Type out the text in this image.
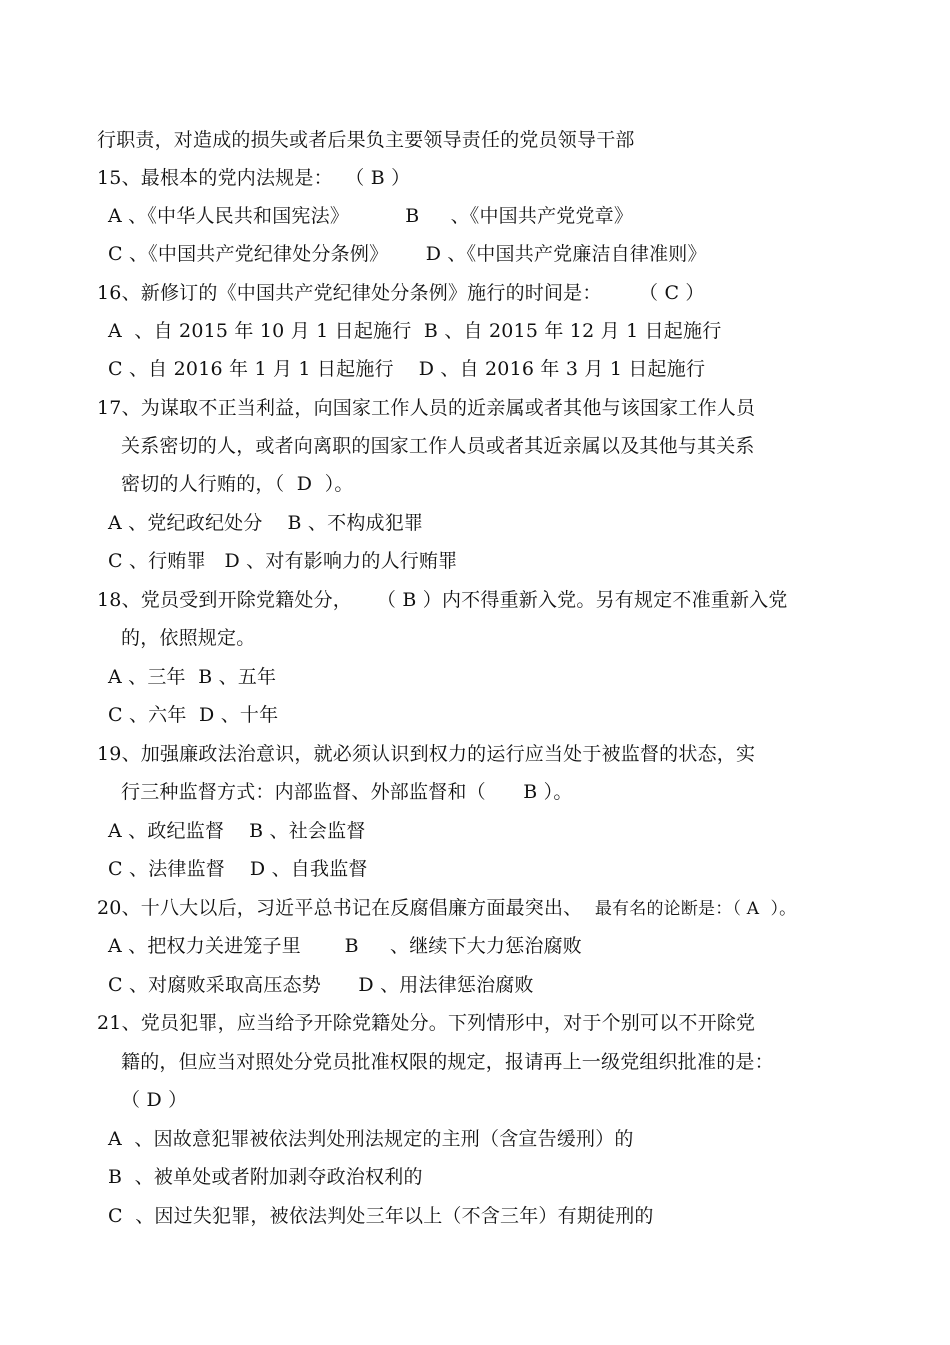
行职责，对造成的损失或者后果负主要领导责任的党员领导干部
15、最根本的党内法规是：  （ B ）
A 、《中华人民共和国宪法》         B     、《中国共产党党章》
C 、《中国共产党纪律处分条例》      D 、《中国共产党廉洁自律准则》
16、新修订的《中国共产党纪律处分条例》施行的时间是：      （ C ）
A  、自 2015 年 10 月 1 日起施行  B 、自 2015 年 12 月 1 日起施行
C 、自 2016 年 1 月 1 日起施行    D 、自 2016 年 3 月 1 日起施行
17、为谋取不正当利益，向国家工作人员的近亲属或者其他与该国家工作人员
关系密切的人，或者向离职的国家工作人员或者其近亲属以及其他与其关系
密切的人行贿的，（  D  ）。
A 、党纪政纪处分    B 、不构成犯罪
C 、行贿罪   D 、对有影响力的人行贿罪
18、党员受到开除党籍处分，    （ B ）内不得重新入党。另有规定不准重新入党
的，依照规定。
A 、三年  B 、五年
C 、六年  D 、十年
19、加强廉政法治意识，就必须认识到权力的运行应当处于被监督的状态，实
行三种监督方式：内部监督、外部监督和（      B ）。
A 、政纪监督    B 、社会监督
C 、法律监督    D 、自我监督
20、十八大以后，习近平总书记在反腐倡廉方面最突出、  最有名的论断是：（ A  ）。
A 、把权力关进笼子里       B     、继续下大力惩治腐败
C 、对腐败采取高压态势      D 、用法律惩治腐败
21、党员犯罪，应当给予开除党籍处分。下列情形中，对于个别可以不开除党
籍的，但应当对照处分党员批准权限的规定，报请再上一级党组织批准的是：
（ D ）
A  、因故意犯罪被依法判处刑法规定的主刑（含宣告缓刑）的
B  、被单处或者附加剥夺政治权利的
C  、因过失犯罪，被依法判处三年以上（不含三年）有期徒刑的
